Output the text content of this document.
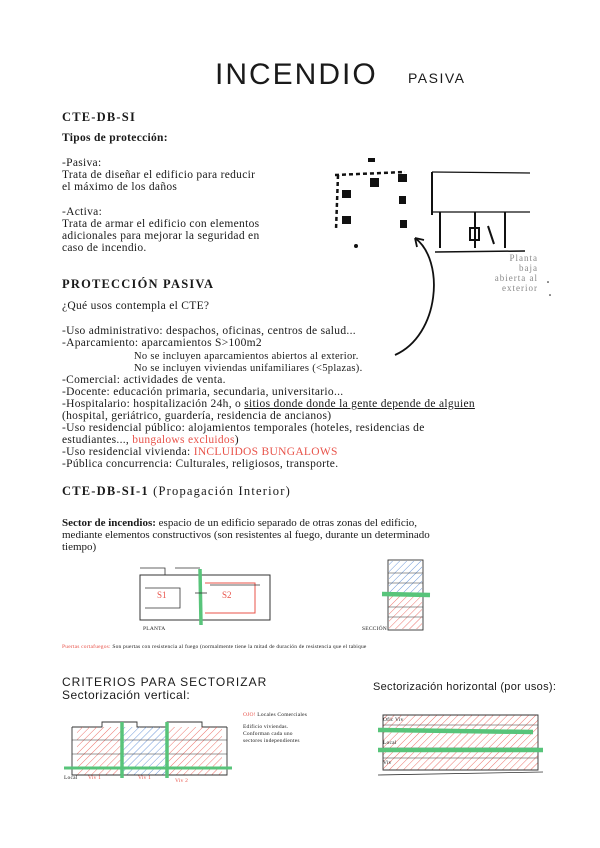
INCENDIO PASIVA
CTE-DB-SI
Tipos de protección:
-Pasiva:
Trata de diseñar el edificio para reducir
el máximo de los daños
-Activa:
Trata de armar el edificio con elementos
adicionales para mejorar la seguridad en
caso de incendio.
Planta baja
abierta al
exterior
PROTECCIÓN PASIVA
¿Qué usos contempla el CTE?
-Uso administrativo: despachos, oficinas, centros de salud...
-Aparcamiento: aparcamientos S>100m2
No se incluyen aparcamientos abiertos al exterior.
No se incluyen viviendas unifamiliares (<5plazas).
-Comercial: actividades de venta.
-Docente: educación primaria, secundaria, universitario...
-Hospitalario: hospitalización 24h, o sitios donde donde la gente depende de alguien
(hospital, geriátrico, guardería, residencia de ancianos)
-Uso residencial público: alojamientos temporales (hoteles, residencias de
estudiantes..., bungalows excluidos)
-Uso residencial vivienda: INCLUIDOS BUNGALOWS
-Pública concurrencia: Culturales, religiosos, transporte.
CTE-DB-SI-1 (Propagación Interior)
Sector de incendios: espacio de un edificio separado de otras zonas del edificio,
mediante elementos constructivos (son resistentes al fuego, durante un determinado
tiempo)
S1	S2
PLANTA	SECCIÓN
Puertas cortafuegos: Son puertas con resistencia al fuego (normalmente tiene la mitad de duración de resistencia que el tabique
CRITERIOS PARA SECTORIZAR
Sectorización vertical:
Sectorización horizontal (por usos):
OJO! Locales Comerciales
Edificio viviendas.
Conforman cada uno
sectores independientes
Local Viv 1	Viv 1	Viv 2
Ofic Viv
Local
Viv
